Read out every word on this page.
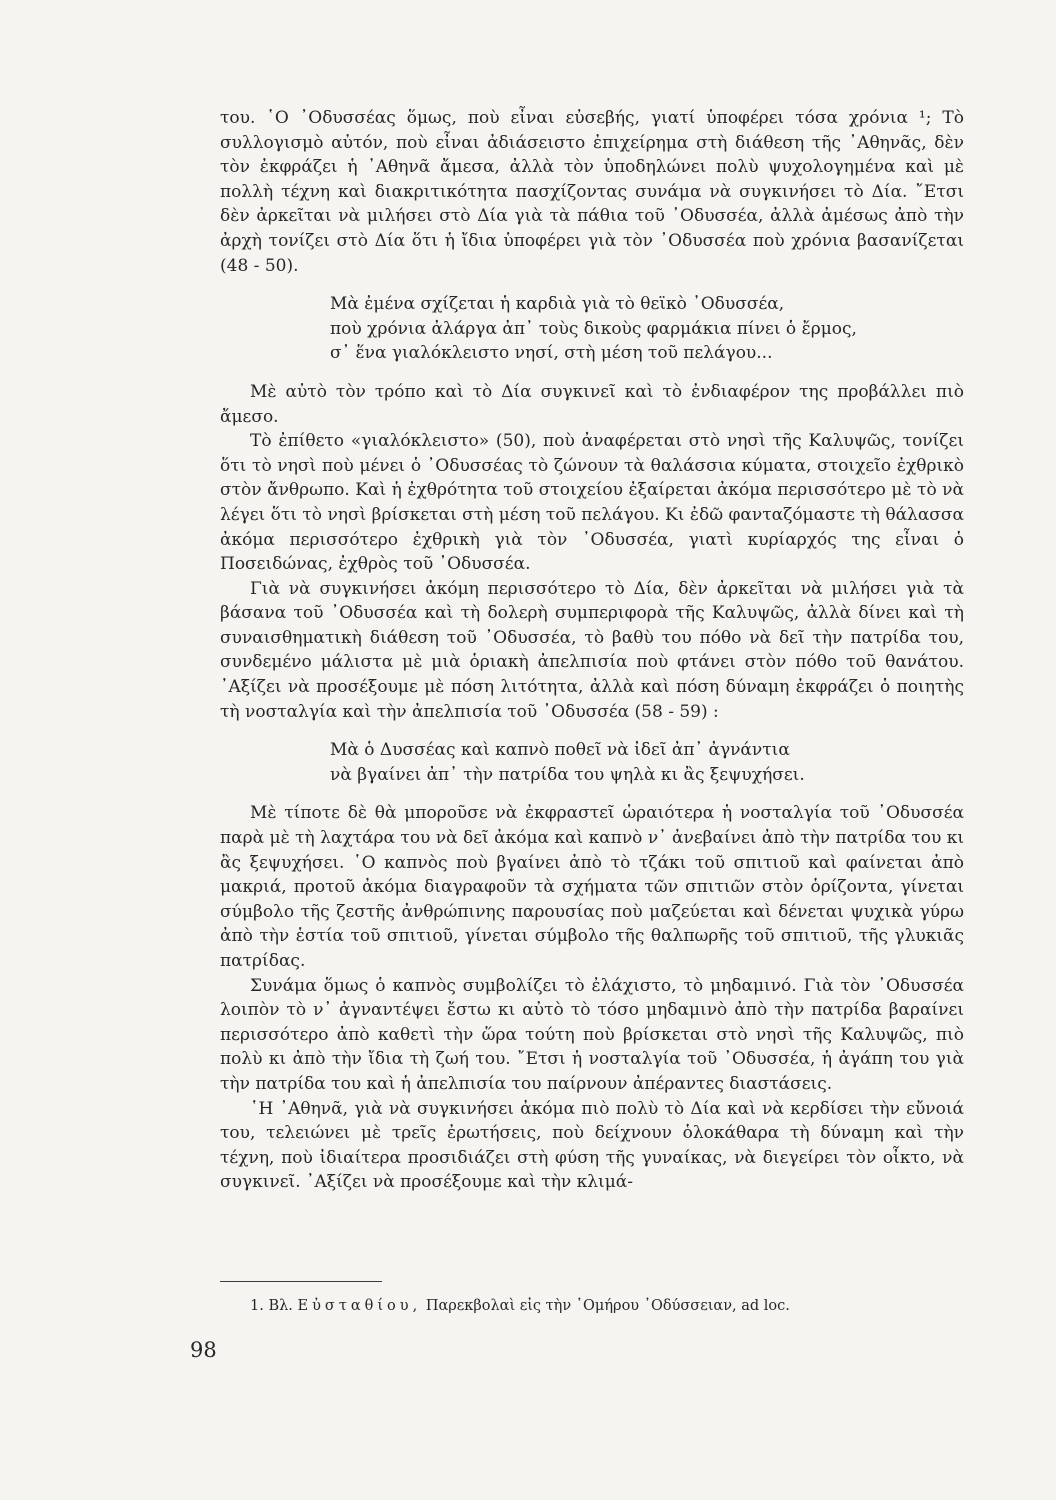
του. ῾Ο ᾿Οδυσσέας ὅμως, ποὺ εἶναι εὐσεβής, γιατί ὑποφέρει τόσα χρόνια ¹; Τὸ συλλογισμὸ αὐτόν, ποὺ εἶναι ἀδιάσειστο ἐπιχείρημα στὴ διάθεση τῆς ᾿Αθηνᾶς, δὲν τὸν ἐκφράζει ἡ ᾿Αθηνᾶ ἄμεσα, ἀλλὰ τὸν ὑποδηλώνει πολὺ ψυχολογημένα καὶ μὲ πολλὴ τέχνη καὶ διακριτικότητα πασχίζοντας συνάμα νὰ συγκινήσει τὸ Δία. ῎Ετσι δὲν ἀρκεῖται νὰ μιλήσει στὸ Δία γιὰ τὰ πάθια τοῦ ᾿Οδυσσέα, ἀλλὰ ἀμέσως ἀπὸ τὴν ἀρχὴ τονίζει στὸ Δία ὅτι ἡ ἴδια ὑποφέρει γιὰ τὸν ᾿Οδυσσέα ποὺ χρόνια βασανίζεται (48 - 50).

Μὰ ἐμένα σχίζεται ἡ καρδιὰ γιὰ τὸ θεϊκὸ ᾿Οδυσσέα,
ποὺ χρόνια ἀλάργα ἀπ᾿ τοὺς δικοὺς φαρμάκια πίνει ὁ ἔρμος,
σ᾿ ἕνα γιαλόκλειστο νησί, στὴ μέση τοῦ πελάγου...

Μὲ αὐτὸ τὸν τρόπο καὶ τὸ Δία συγκινεῖ καὶ τὸ ἐνδιαφέρον της προβάλλει πιὸ ἄμεσο.

Τὸ ἐπίθετο «γιαλόκλειστο» (50), ποὺ ἀναφέρεται στὸ νησὶ τῆς Καλυψῶς, τονίζει ὅτι τὸ νησὶ ποὺ μένει ὁ ᾿Οδυσσέας τὸ ζώνουν τὰ θαλάσσια κύματα, στοιχεῖο ἐχθρικὸ στὸν ἄνθρωπο. Καὶ ἡ ἐχθρότητα τοῦ στοιχείου ἐξαίρεται ἀκόμα περισσότερο μὲ τὸ νὰ λέγει ὅτι τὸ νησὶ βρίσκεται στὴ μέση τοῦ πελάγου. Κι ἐδῶ φανταζόμαστε τὴ θάλασσα ἀκόμα περισσότερο ἐχθρικὴ γιὰ τὸν ᾿Οδυσσέα, γιατὶ κυρίαρχός της εἶναι ὁ Ποσειδώνας, ἐχθρὸς τοῦ ᾿Οδυσσέα.

Γιὰ νὰ συγκινήσει ἀκόμη περισσότερο τὸ Δία, δὲν ἀρκεῖται νὰ μιλήσει γιὰ τὰ βάσανα τοῦ ᾿Οδυσσέα καὶ τὴ δολερὴ συμπεριφορὰ τῆς Καλυψῶς, ἀλλὰ δίνει καὶ τὴ συναισθηματικὴ διάθεση τοῦ ᾿Οδυσσέα, τὸ βαθὺ του πόθο νὰ δεῖ τὴν πατρίδα του, συνδεμένο μάλιστα μὲ μιὰ ὁριακὴ ἀπελπισία ποὺ φτάνει στὸν πόθο τοῦ θανάτου. ᾿Αξίζει νὰ προσέξουμε μὲ πόση λιτότητα, ἀλλὰ καὶ πόση δύναμη ἐκφράζει ὁ ποιητὴς τὴ νοσταλγία καὶ τὴν ἀπελπισία τοῦ ᾿Οδυσσέα (58 - 59) :

Μὰ ὁ Δυσσέας καὶ καπνὸ ποθεῖ νὰ ἰδεῖ ἀπ᾿ ἀγνάντια
νὰ βγαίνει ἀπ᾿ τὴν πατρίδα του ψηλὰ κι ἂς ξεψυχήσει.

Μὲ τίποτε δὲ θὰ μποροῦσε νὰ ἐκφραστεῖ ὡραιότερα ἡ νοσταλγία τοῦ ᾿Οδυσσέα παρὰ μὲ τὴ λαχτάρα του νὰ δεῖ ἀκόμα καὶ καπνὸ ν᾿ ἀνεβαίνει ἀπὸ τὴν πατρίδα του κι ἂς ξεψυχήσει. ῾Ο καπνὸς ποὺ βγαίνει ἀπὸ τὸ τζάκι τοῦ σπιτιοῦ καὶ φαίνεται ἀπὸ μακριά, προτοῦ ἀκόμα διαγραφοῦν τὰ σχήματα τῶν σπιτιῶν στὸν ὁρίζοντα, γίνεται σύμβολο τῆς ζεστῆς ἀνθρώπινης παρουσίας ποὺ μαζεύεται καὶ δένεται ψυχικὰ γύρω ἀπὸ τὴν ἑστία τοῦ σπιτιοῦ, γίνεται σύμβολο τῆς θαλπωρῆς τοῦ σπιτιοῦ, τῆς γλυκιᾶς πατρίδας.

Συνάμα ὅμως ὁ καπνὸς συμβολίζει τὸ ἐλάχιστο, τὸ μηδαμινό. Γιὰ τὸν ᾿Οδυσσέα λοιπὸν τὸ ν᾿ ἀγναντέψει ἔστω κι αὐτὸ τὸ τόσο μηδαμινὸ ἀπὸ τὴν πατρίδα βαραίνει περισσότερο ἀπὸ καθετὶ τὴν ὥρα τούτη ποὺ βρίσκεται στὸ νησὶ τῆς Καλυψῶς, πιὸ πολὺ κι ἀπὸ τὴν ἴδια τὴ ζωή του. ῎Ετσι ἡ νοσταλγία τοῦ ᾿Οδυσσέα, ἡ ἀγάπη του γιὰ τὴν πατρίδα του καὶ ἡ ἀπελπισία του παίρνουν ἀπέραντες διαστάσεις.

῾Η ᾿Αθηνᾶ, γιὰ νὰ συγκινήσει ἀκόμα πιὸ πολὺ τὸ Δία καὶ νὰ κερδίσει τὴν εὔνοιά του, τελειώνει μὲ τρεῖς ἐρωτήσεις, ποὺ δείχνουν ὁλοκάθαρα τὴ δύναμη καὶ τὴν τέχνη, ποὺ ἰδιαίτερα προσιδιάζει στὴ φύση τῆς γυναίκας, νὰ διεγείρει τὸν οἶκτο, νὰ συγκινεῖ. ᾿Αξίζει νὰ προσέξουμε καὶ τὴν κλιμά-

1. Βλ. Εὐσταθίου, Παρεκβολαὶ εἰς τὴν ῾Ομήρου ᾿Οδύσσειαν, ad loc.
98
